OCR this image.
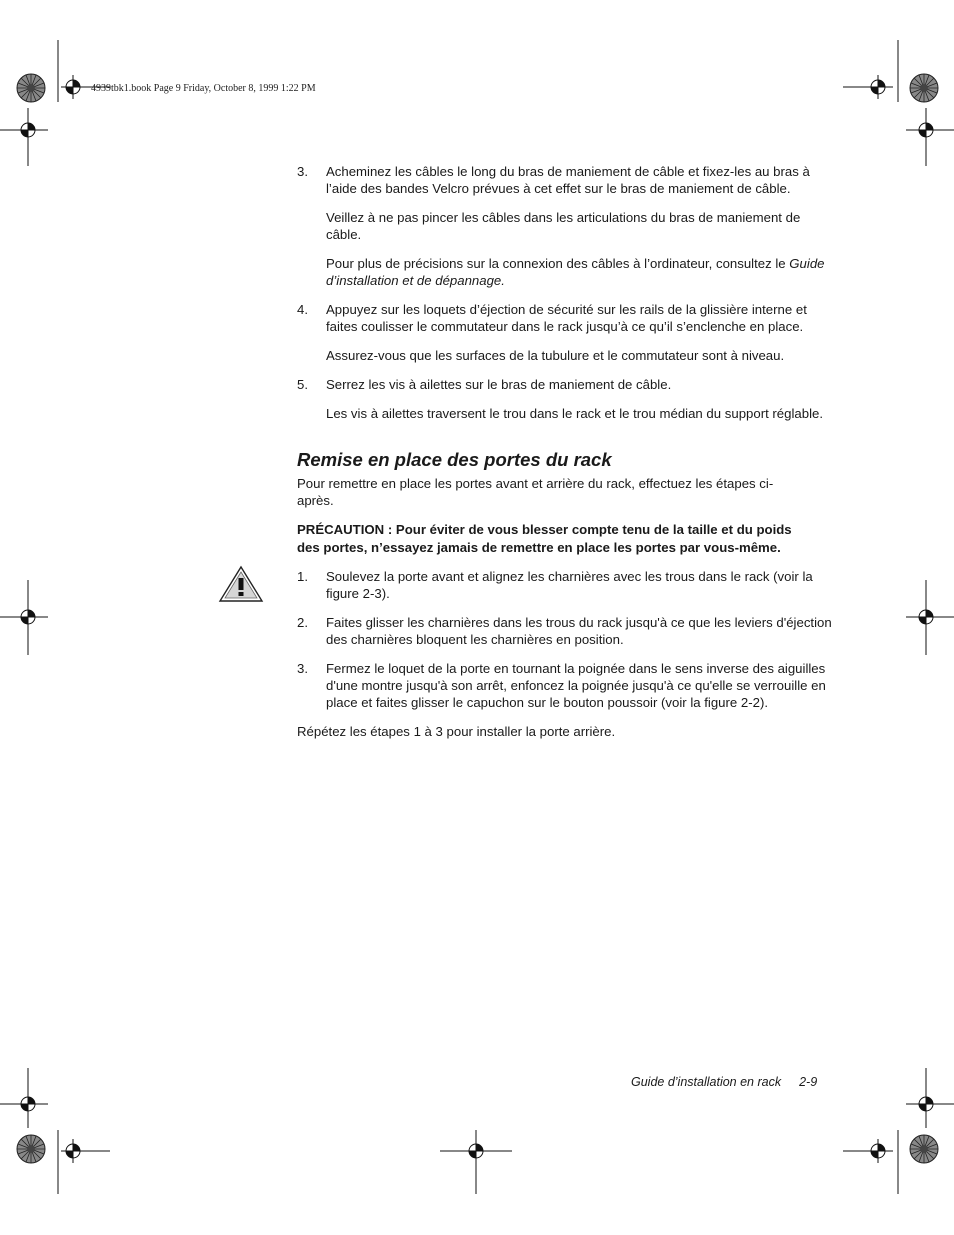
4939tbk1.book Page 9 Friday, October 8, 1999 1:22 PM
3. Acheminez les câbles le long du bras de maniement de câble et fixez-les au bras à l’aide des bandes Velcro prévues à cet effet sur le bras de maniement de câble.
Veillez à ne pas pincer les câbles dans les articulations du bras de maniement de câble.
Pour plus de précisions sur la connexion des câbles à l’ordinateur, consultez le Guide d’installation et de dépannage.
4. Appuyez sur les loquets d’éjection de sécurité sur les rails de la glissière interne et faites coulisser le commutateur dans le rack jusqu’à ce qu’il s’enclenche en place.
Assurez-vous que les surfaces de la tubulure et le commutateur sont à niveau.
5. Serrez les vis à ailettes sur le bras de maniement de câble.
Les vis à ailettes traversent le trou dans le rack et le trou médian du support réglable.
Remise en place des portes du rack
Pour remettre en place les portes avant et arrière du rack, effectuez les étapes ci-après.
PRÉCAUTION : Pour éviter de vous blesser compte tenu de la taille et du poids des portes, n’essayez jamais de remettre en place les portes par vous-même.
1. Soulevez la porte avant et alignez les charnières avec les trous dans le rack (voir la figure 2-3).
2. Faites glisser les charnières dans les trous du rack jusqu'à ce que les leviers d'éjection des charnières bloquent les charnières en position.
3. Fermez le loquet de la porte en tournant la poignée dans le sens inverse des aiguilles d'une montre jusqu'à son arrêt, enfoncez la poignée jusqu'à ce qu'elle se verrouille en place et faites glisser le capuchon sur le bouton poussoir (voir la figure 2-2).
Répétez les étapes 1 à 3 pour installer la porte arrière.
Guide d’installation en rack 2-9
